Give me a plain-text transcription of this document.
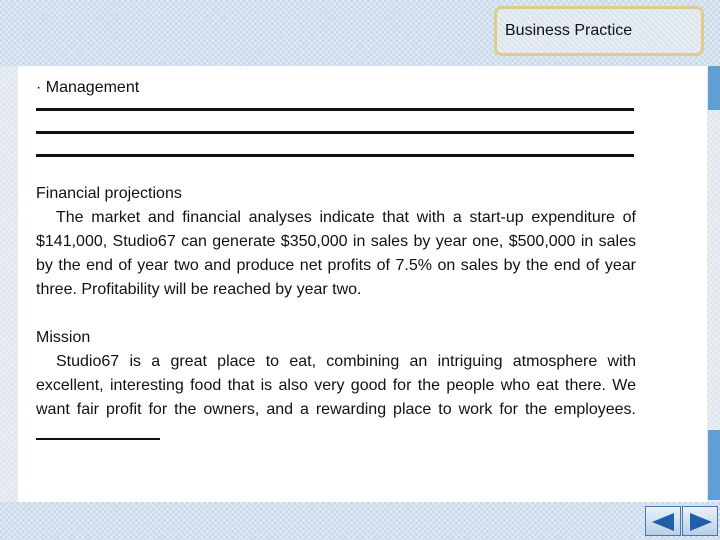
Business Practice

· Management

Financial projections

The market and financial analyses indicate that with a start-up expenditure of $141,000, Studio67 can generate $350,000 in sales by year one, $500,000 in sales by the end of year two and produce net profits of 7.5% on sales by the end of year three. Profitability will be reached by year two.

Mission

Studio67 is a great place to eat, combining an intriguing atmosphere with excellent, interesting food that is also very good for the people who eat there. We want fair profit for the owners, and a rewarding place to work for the employees.
